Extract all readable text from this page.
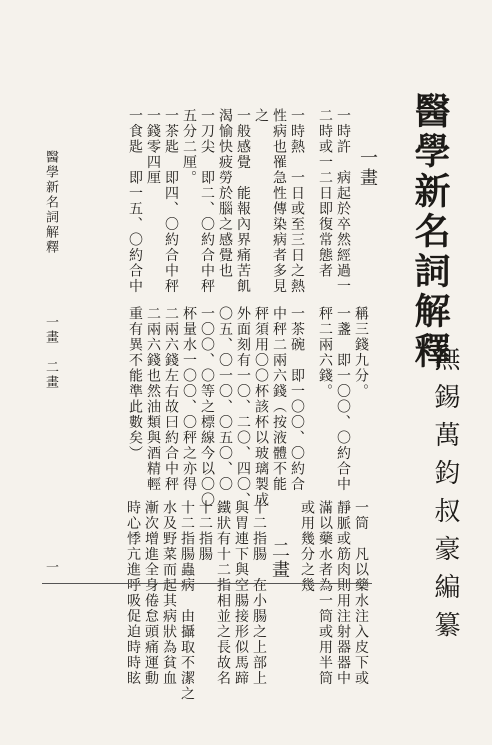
醫學新名詞解釋
無錫萬鈞叔豪編纂
稱三錢九分。
一盞　即一〇〇、〇約合中
秤二兩六錢。
一茶碗　即一〇〇、〇約合
中秤二兩六錢（按液體不能
秤須用〇〇杯該杯以玻璃製成
外面刻有一〇、二〇、四〇、
〇五、〇一〇、〇五〇、〇
一〇〇、〇等之標線今以〇〇
杯量水一〇〇、〇秤之亦得
二兩六錢左右故曰約合中秤
二兩六錢也然油類與酒精輕
重有異不能準此數矣）
一筒　凡以藥水注入皮下或
靜脈或筋肉則用注射器器中
滿以藥水者為一筒或用半筒
或用幾分之幾
二畫
十二指腸　在小腸之上部上
與胃連下與空腸接形似馬蹄
鐵狀有十二指相並之長故名
十二指腸
十二指腸蟲病　由攝取不潔之
水及野菜而起其病狀為貧血
漸次增進全身倦怠頭痛運動
時心悸亢進呼吸促迫時時眩
一畫
一時許　病起於卒然經過一
二時或一二日即復常態者
一時熱　一日或至三日之熱
性病也罹急性傳染病者多見
之
一般感覺　能報內界痛苦飢
渴愉快疲勞於腦之感覺也
一刀尖　即二、〇約合中秤
五分二厘。
一茶匙　即四、〇約合中秤
一錢零四厘
一食匙　即一五、〇約合中
醫學新名詞解釋
一畫　二畫
一
